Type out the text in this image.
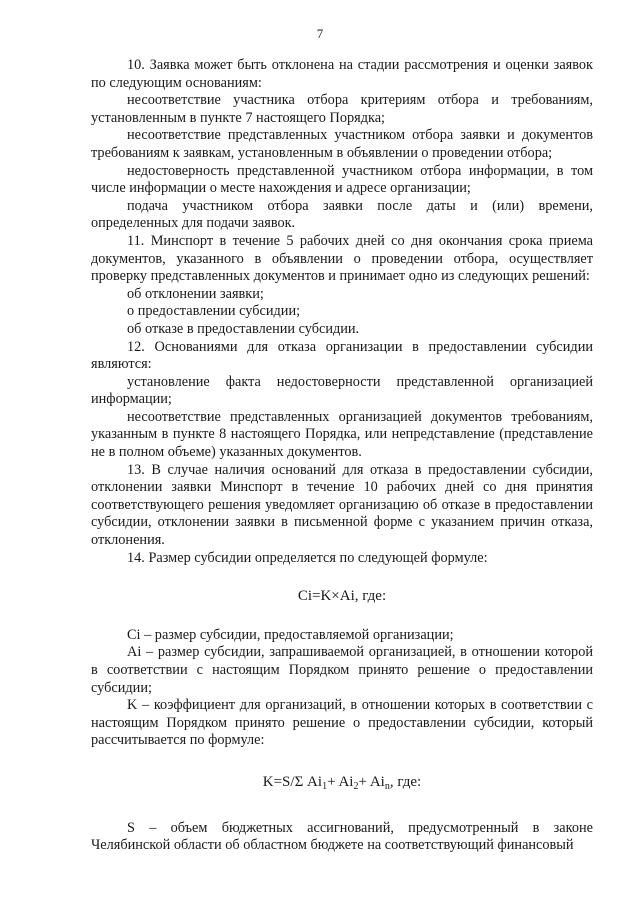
7

10. Заявка может быть отклонена на стадии рассмотрения и оценки заявок по следующим основаниям:

несоответствие участника отбора критериям отбора и требованиям, установленным в пункте 7 настоящего Порядка;

несоответствие представленных участником отбора заявки и документов требованиям к заявкам, установленным в объявлении о проведении отбора;

недостоверность представленной участником отбора информации, в том числе информации о месте нахождения и адресе организации;

подача участником отбора заявки после даты и (или) времени, определенных для подачи заявок.

11. Минспорт в течение 5 рабочих дней со дня окончания срока приема документов, указанного в объявлении о проведении отбора, осуществляет проверку представленных документов и принимает одно из следующих решений:

об отклонении заявки;

о предоставлении субсидии;

об отказе в предоставлении субсидии.

12. Основаниями для отказа организации в предоставлении субсидии являются:

установление факта недостоверности представленной организацией информации;

несоответствие представленных организацией документов требованиям, указанным в пункте 8 настоящего Порядка, или непредставление (представление не в полном объеме) указанных документов.

13. В случае наличия оснований для отказа в предоставлении субсидии, отклонении заявки Минспорт в течение 10 рабочих дней со дня принятия соответствующего решения уведомляет организацию об отказе в предоставлении субсидии, отклонении заявки в письменной форме с указанием причин отказа, отклонения.

14. Размер субсидии определяется по следующей формуле:

Ci=K×Ai, где:

Ci – размер субсидии, предоставляемой организации;

Ai – размер субсидии, запрашиваемой организацией, в отношении которой в соответствии с настоящим Порядком принято решение о предоставлении субсидии;

K – коэффициент для организаций, в отношении которых в соответствии с настоящим Порядком принято решение о предоставлении субсидии, который рассчитывается по формуле:

K=S/Σ $Ai_1+ Ai_2+ Ai_n$, где:

S – объем бюджетных ассигнований, предусмотренный в законе Челябинской области об областном бюджете на соответствующий финансовый
